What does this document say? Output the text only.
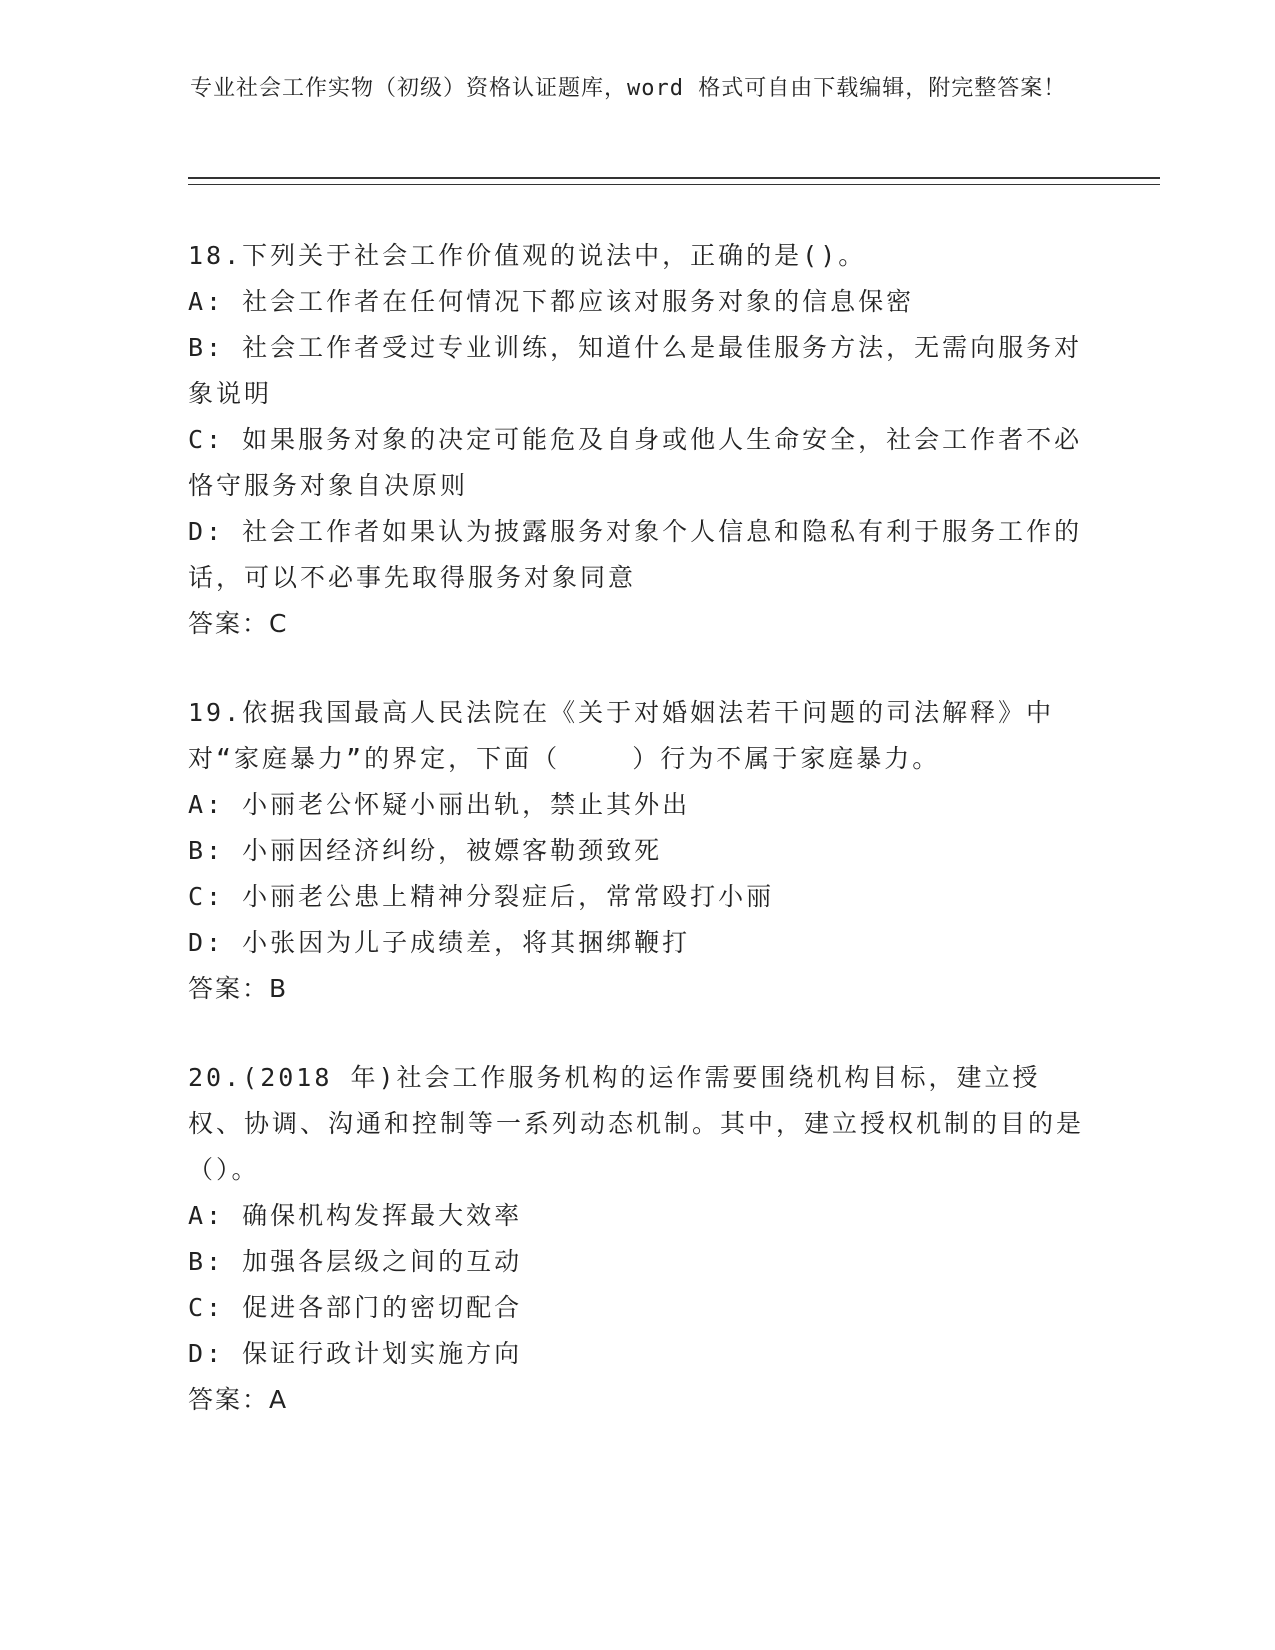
专业社会工作实物（初级）资格认证题库，word 格式可自由下载编辑，附完整答案！
18.下列关于社会工作价值观的说法中，正确的是()。
A: 社会工作者在任何情况下都应该对服务对象的信息保密
B: 社会工作者受过专业训练，知道什么是最佳服务方法，无需向服务对象说明
C: 如果服务对象的决定可能危及自身或他人生命安全，社会工作者不必恪守服务对象自决原则
D: 社会工作者如果认为披露服务对象个人信息和隐私有利于服务工作的话，可以不必事先取得服务对象同意
答案：C
19.依据我国最高人民法院在《关于对婚姻法若干问题的司法解释》中对“家庭暴力”的界定，下面（    ）行为不属于家庭暴力。
A: 小丽老公怀疑小丽出轨，禁止其外出
B: 小丽因经济纠纷，被嫖客勒颈致死
C: 小丽老公患上精神分裂症后，常常殴打小丽
D: 小张因为儿子成绩差，将其捆绑鞭打
答案：B
20.(2018 年)社会工作服务机构的运作需要围绕机构目标，建立授权、协调、沟通和控制等一系列动态机制。其中，建立授权机制的目的是（）。
A: 确保机构发挥最大效率
B: 加强各层级之间的互动
C: 促进各部门的密切配合
D: 保证行政计划实施方向
答案：A
